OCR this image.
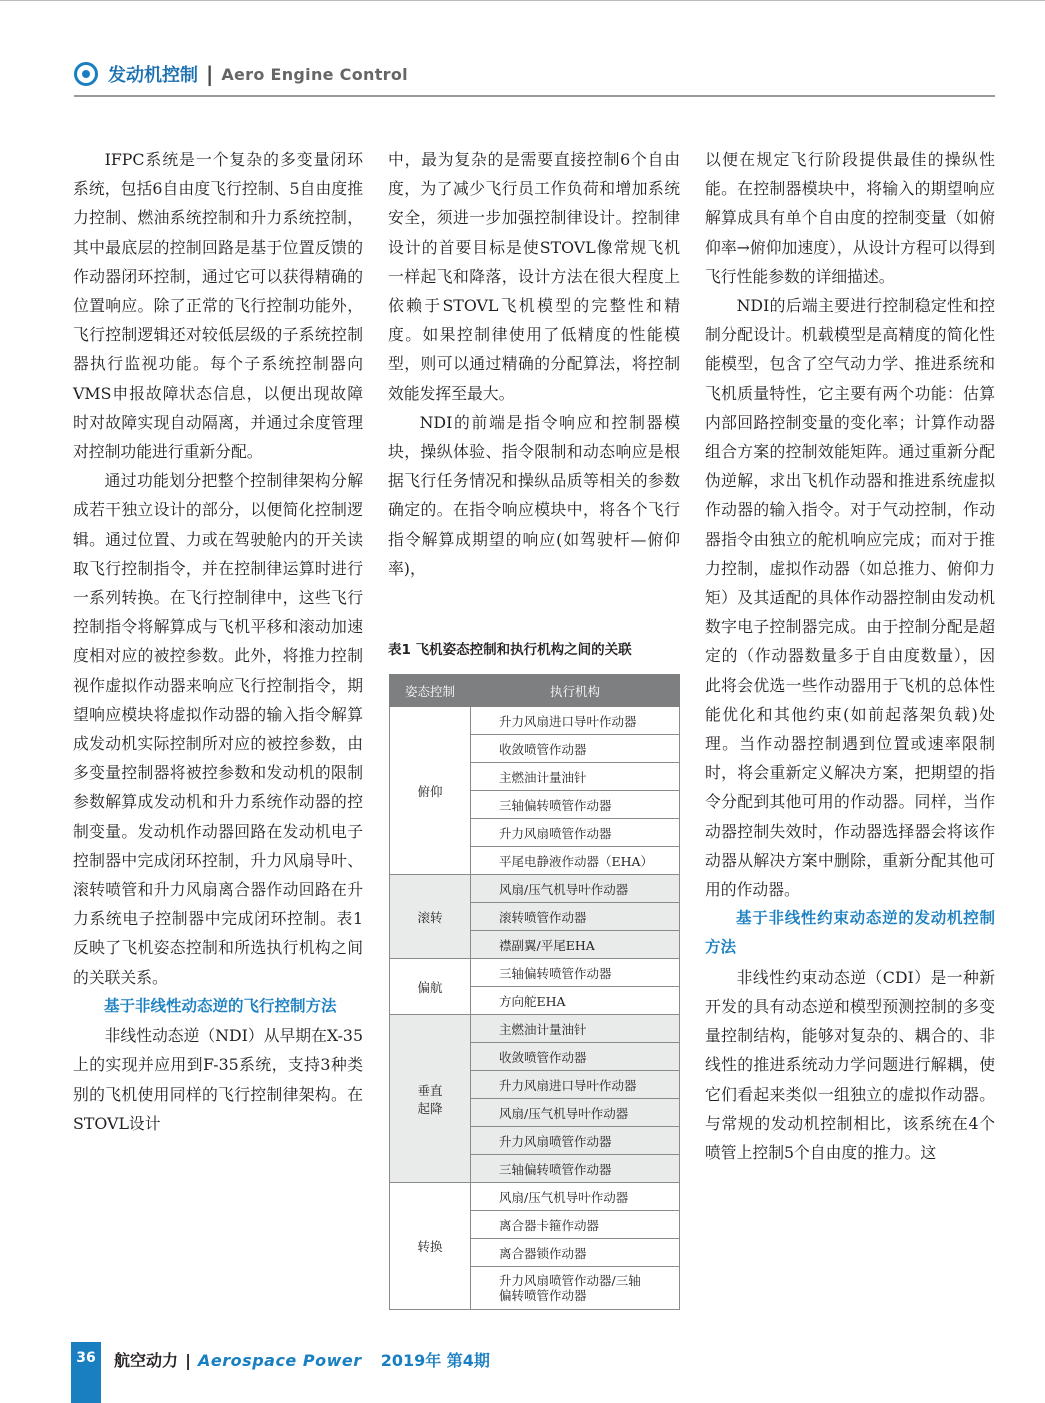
发动机控制 | Aero Engine Control

IFPC系统是一个复杂的多变量闭环系统，包括6自由度飞行控制、5自由度推力控制、燃油系统控制和升力系统控制，其中最底层的控制回路是基于位置反馈的作动器闭环控制，通过它可以获得精确的位置响应。除了正常的飞行控制功能外，飞行控制逻辑还对较低层级的子系统控制器执行监视功能。每个子系统控制器向VMS申报故障状态信息，以便出现故障时对故障实现自动隔离，并通过余度管理对控制功能进行重新分配。

通过功能划分把整个控制律架构分解成若干独立设计的部分，以便简化控制逻辑。通过位置、力或在驾驶舱内的开关读取飞行控制指令，并在控制律运算时进行一系列转换。在飞行控制律中，这些飞行控制指令将解算成与飞机平移和滚动加速度相对应的被控参数。此外，将推力控制视作虚拟作动器来响应飞行控制指令，期望响应模块将虚拟作动器的输入指令解算成发动机实际控制所对应的被控参数，由多变量控制器将被控参数和发动机的限制参数解算成发动机和升力系统作动器的控制变量。发动机作动器回路在发动机电子控制器中完成闭环控制，升力风扇导叶、滚转喷管和升力风扇离合器作动回路在升力系统电子控制器中完成闭环控制。表1反映了飞机姿态控制和所选执行机构之间的关联关系。

基于非线性动态逆的飞行控制方法

非线性动态逆（NDI）从早期在X-35上的实现并应用到F-35系统，支持3种类别的飞机使用同样的飞行控制律架构。在STOVL设计

中，最为复杂的是需要直接控制6个自由度，为了减少飞行员工作负荷和增加系统安全，须进一步加强控制律设计。控制律设计的首要目标是使STOVL像常规飞机一样起飞和降落，设计方法在很大程度上依赖于STOVL飞机模型的完整性和精度。如果控制律使用了低精度的性能模型，则可以通过精确的分配算法，将控制效能发挥至最大。

NDI的前端是指令响应和控制器模块，操纵体验、指令限制和动态响应是根据飞行任务情况和操纵品质等相关的参数确定的。在指令响应模块中，将各个飞行指令解算成期望的响应(如驾驶杆—俯仰率)，

表1 飞机姿态控制和执行机构之间的关联
姿态控制	执行机构
俯仰	升力风扇进口导叶作动器
	收敛喷管作动器
	主燃油计量油针
	三轴偏转喷管作动器
	升力风扇喷管作动器
	平尾电静液作动器（EHA）
滚转	风扇/压气机导叶作动器
	滚转喷管作动器
	襟副翼/平尾EHA
偏航	三轴偏转喷管作动器
	方向舵EHA
垂直
起降	主燃油计量油针
	收敛喷管作动器
	升力风扇进口导叶作动器
	风扇/压气机导叶作动器
	升力风扇喷管作动器
	三轴偏转喷管作动器
转换	风扇/压气机导叶作动器
	离合器卡箍作动器
	离合器锁作动器
	升力风扇喷管作动器/三轴
偏转喷管作动器

以便在规定飞行阶段提供最佳的操纵性能。在控制器模块中，将输入的期望响应解算成具有单个自由度的控制变量（如俯仰率→俯仰加速度），从设计方程可以得到飞行性能参数的详细描述。

NDI的后端主要进行控制稳定性和控制分配设计。机载模型是高精度的简化性能模型，包含了空气动力学、推进系统和飞机质量特性，它主要有两个功能：估算内部回路控制变量的变化率；计算作动器组合方案的控制效能矩阵。通过重新分配伪逆解，求出飞机作动器和推进系统虚拟作动器的输入指令。对于气动控制，作动器指令由独立的舵机响应完成；而对于推力控制，虚拟作动器（如总推力、俯仰力矩）及其适配的具体作动器控制由发动机数字电子控制器完成。由于控制分配是超定的（作动器数量多于自由度数量），因此将会优选一些作动器用于飞机的总体性能优化和其他约束(如前起落架负载)处理。当作动器控制遇到位置或速率限制时，将会重新定义解决方案，把期望的指令分配到其他可用的作动器。同样，当作动器控制失效时，作动器选择器会将该作动器从解决方案中删除，重新分配其他可用的作动器。

基于非线性约束动态逆的发动机控制方法

非线性约束动态逆（CDI）是一种新开发的具有动态逆和模型预测控制的多变量控制结构，能够对复杂的、耦合的、非线性的推进系统动力学问题进行解耦，使它们看起来类似一组独立的虚拟作动器。与常规的发动机控制相比，该系统在4个喷管上控制5个自由度的推力。这

36	航空动力 | Aerospace Power 2019年 第4期
